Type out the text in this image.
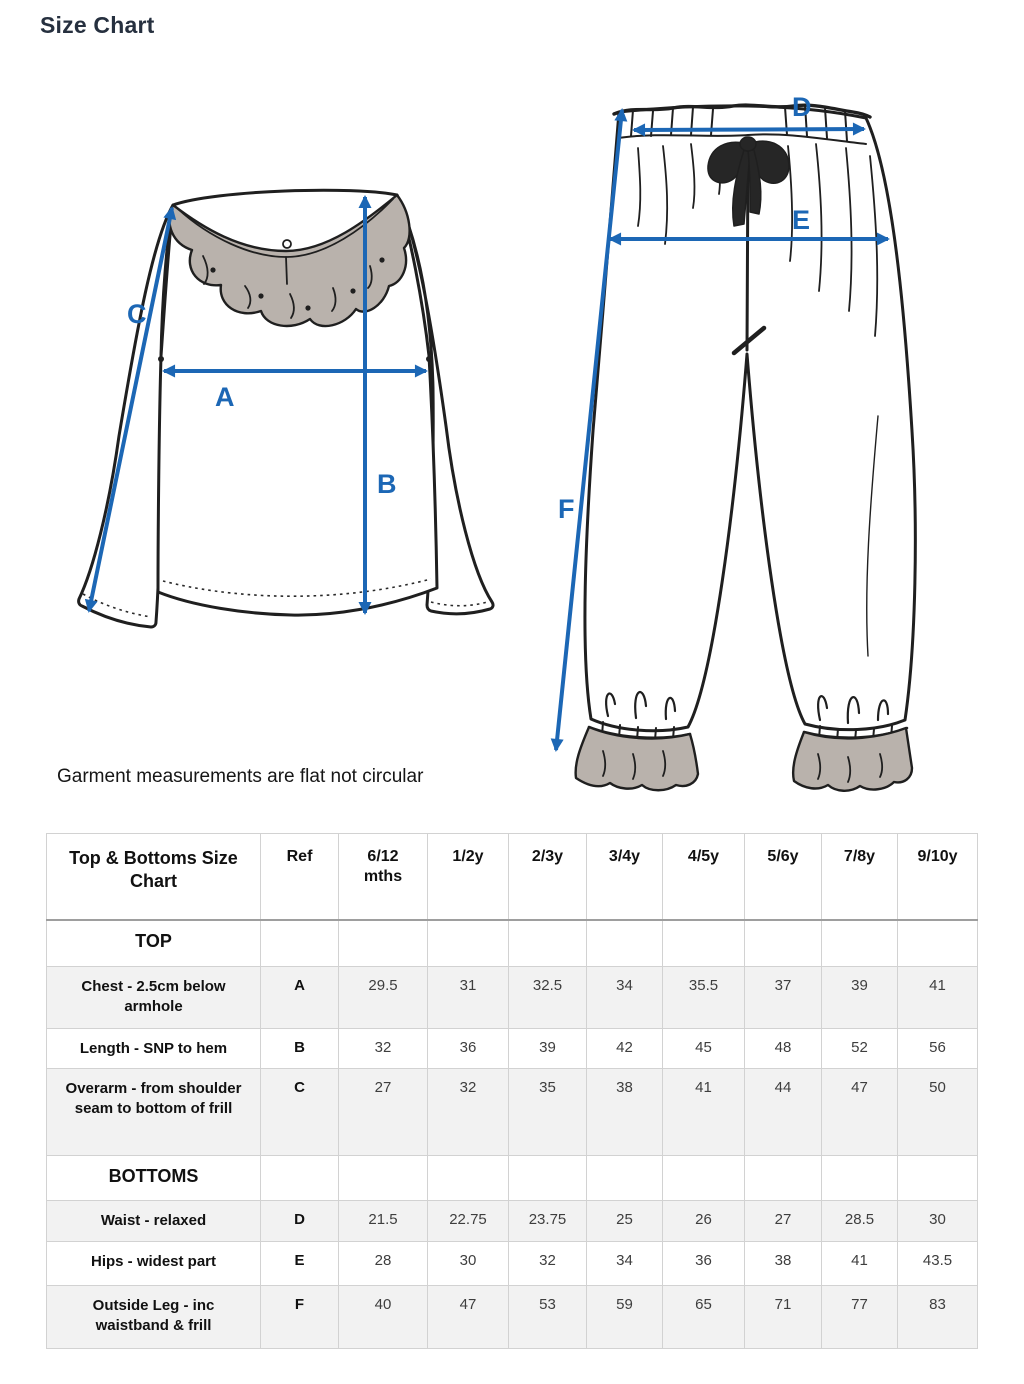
Size Chart
A
B
C
D
E
F
Garment measurements are flat not circular
Top & Bottoms Size Chart	Ref	6/12 mths	1/2y	2/3y	3/4y	4/5y	5/6y	7/8y	9/10y
TOP									
Chest - 2.5cm below armhole	A	29.5	31	32.5	34	35.5	37	39	41
Length - SNP to hem	B	32	36	39	42	45	48	52	56
Overarm - from shoulder seam to bottom of frill	C	27	32	35	38	41	44	47	50
BOTTOMS									
Waist - relaxed	D	21.5	22.75	23.75	25	26	27	28.5	30
Hips - widest part	E	28	30	32	34	36	38	41	43.5
Outside Leg - inc waistband & frill	F	40	47	53	59	65	71	77	83
